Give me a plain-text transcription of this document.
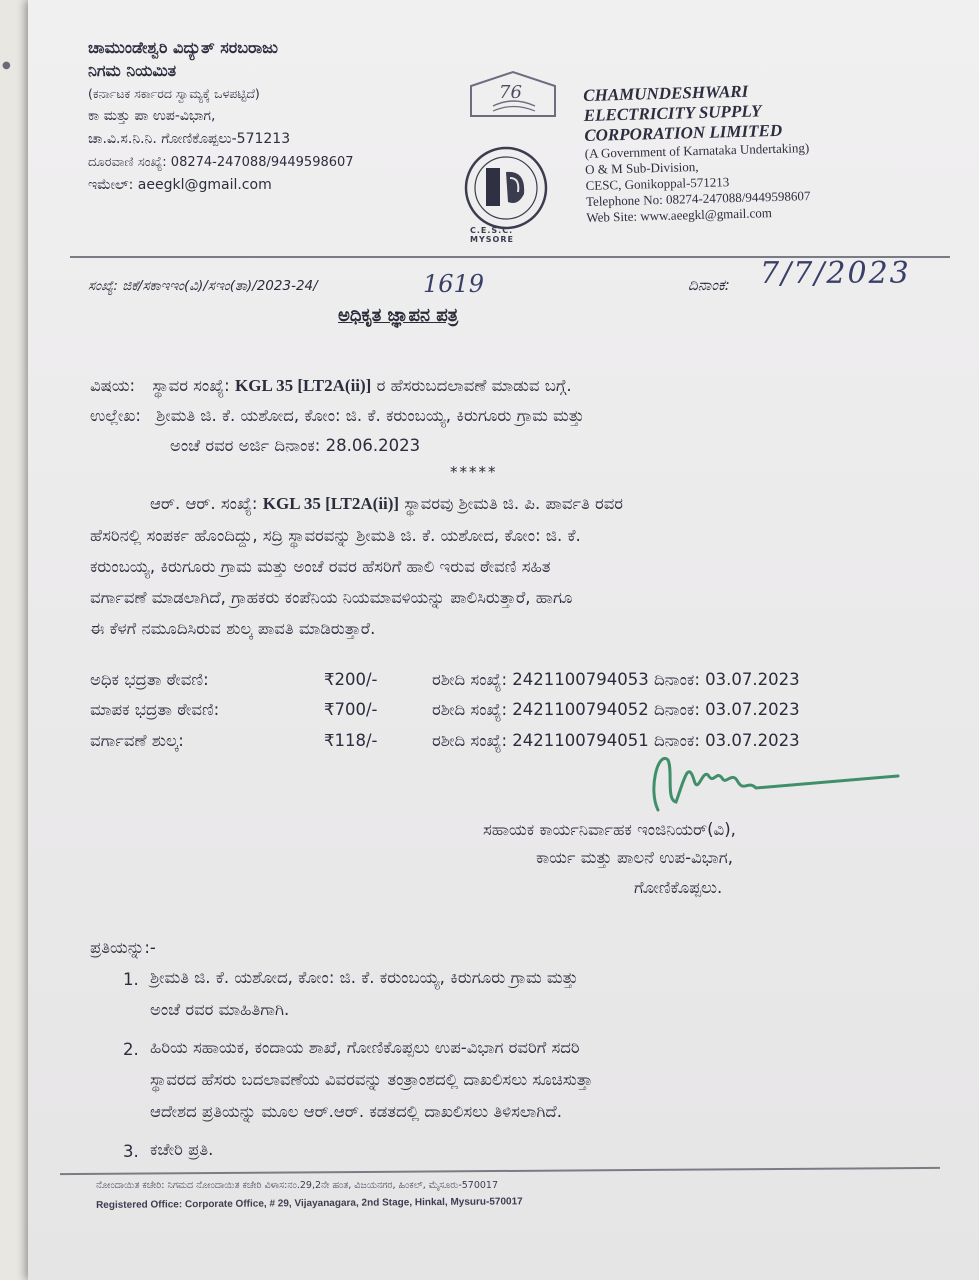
●
ಚಾಮುಂಡೇಶ್ವರಿ ವಿದ್ಯುತ್ ಸರಬರಾಜು
ನಿಗಮ ನಿಯಮಿತ
(ಕರ್ನಾಟಕ ಸರ್ಕಾರದ ಸ್ವಾಮ್ಯಕ್ಕೆ ಒಳಪಟ್ಟಿದೆ)
ಕಾ ಮತ್ತು ಪಾ ಉಪ-ವಿಭಾಗ,
ಚಾ.ವಿ.ಸ.ನಿ.ನಿ. ಗೋಣಿಕೊಪ್ಪಲು-571213
ದೂರವಾಣಿ ಸಂಖ್ಯೆ: 08274-247088/9449598607
ಇಮೇಲ್: aeegkl@gmail.com
76
C.E.S.C. MYSORE
CHAMUNDESHWARI
ELECTRICITY SUPPLY
CORPORATION LIMITED
(A Government of Karnataka Undertaking)
O & M Sub-Division,
CESC, Gonikoppal-571213
Telephone No: 08274-247088/9449598607
Web Site: www.aeegkl@gmail.com
ಸಂಖ್ಯೆ: ಜಿಕೆ/ಸಕಾಇಇಂ(ವಿ)/ಸಇಂ(ತಾ)/2023-24/	1619	ದಿನಾಂಕ: 7/7/2023
ಅಧಿಕೃತ ಜ್ಞಾಪನ ಪತ್ರ
ವಿಷಯ: ಸ್ಥಾವರ ಸಂಖ್ಯೆ: KGL 35 [LT2A(ii)] ರ ಹೆಸರುಬದಲಾವಣೆ ಮಾಡುವ ಬಗ್ಗೆ.
ಉಲ್ಲೇಖ: ಶ್ರೀಮತಿ ಜಿ. ಕೆ. ಯಶೋದ, ಕೋಂ: ಜಿ. ಕೆ. ಕರುಂಬಯ್ಯ, ಕಿರುಗೂರು ಗ್ರಾಮ ಮತ್ತು
ಅಂಚೆ ರವರ ಅರ್ಜಿ ದಿನಾಂಕ: 28.06.2023
*****
ಆರ್. ಆರ್. ಸಂಖ್ಯೆ: KGL 35 [LT2A(ii)] ಸ್ಥಾವರವು ಶ್ರೀಮತಿ ಜಿ. ಪಿ. ಪಾರ್ವತಿ ರವರ
ಹೆಸರಿನಲ್ಲಿ ಸಂಪರ್ಕ ಹೊಂದಿದ್ದು, ಸದ್ರಿ ಸ್ಥಾವರವನ್ನು ಶ್ರೀಮತಿ ಜಿ. ಕೆ. ಯಶೋದ, ಕೋಂ: ಜಿ. ಕೆ.
ಕರುಂಬಯ್ಯ, ಕಿರುಗೂರು ಗ್ರಾಮ ಮತ್ತು ಅಂಚೆ ರವರ ಹೆಸರಿಗೆ ಹಾಲಿ ಇರುವ ಠೇವಣಿ ಸಹಿತ
ವರ್ಗಾವಣೆ ಮಾಡಲಾಗಿದೆ, ಗ್ರಾಹಕರು ಕಂಪೆನಿಯ ನಿಯಮಾವಳಿಯನ್ನು ಪಾಲಿಸಿರುತ್ತಾರೆ, ಹಾಗೂ
ಈ ಕೆಳಗೆ ನಮೂದಿಸಿರುವ ಶುಲ್ಕ ಪಾವತಿ ಮಾಡಿರುತ್ತಾರೆ.
ಅಧಿಕ ಭದ್ರತಾ ಠೇವಣಿ:	₹200/-	ರಶೀದಿ ಸಂಖ್ಯೆ: 2421100794053 ದಿನಾಂಕ: 03.07.2023
ಮಾಪಕ ಭದ್ರತಾ ಠೇವಣಿ:	₹700/-	ರಶೀದಿ ಸಂಖ್ಯೆ: 2421100794052 ದಿನಾಂಕ: 03.07.2023
ವರ್ಗಾವಣೆ ಶುಲ್ಕ:	₹118/-	ರಶೀದಿ ಸಂಖ್ಯೆ: 2421100794051 ದಿನಾಂಕ: 03.07.2023
ಸಹಾಯಕ ಕಾರ್ಯನಿರ್ವಾಹಕ ಇಂಜಿನಿಯರ್(ವಿ),
ಕಾರ್ಯ ಮತ್ತು ಪಾಲನೆ ಉಪ-ವಿಭಾಗ,
ಗೋಣಿಕೊಪ್ಪಲು.
ಪ್ರತಿಯನ್ನು:-
1. ಶ್ರೀಮತಿ ಜಿ. ಕೆ. ಯಶೋದ, ಕೋಂ: ಜಿ. ಕೆ. ಕರುಂಬಯ್ಯ, ಕಿರುಗೂರು ಗ್ರಾಮ ಮತ್ತು
ಅಂಚೆ ರವರ ಮಾಹಿತಿಗಾಗಿ.
2. ಹಿರಿಯ ಸಹಾಯಕ, ಕಂದಾಯ ಶಾಖೆ, ಗೋಣಿಕೊಪ್ಪಲು ಉಪ-ವಿಭಾಗ ರವರಿಗೆ ಸದರಿ
ಸ್ಥಾವರದ ಹೆಸರು ಬದಲಾವಣೆಯ ವಿವರವನ್ನು ತಂತ್ರಾಂಶದಲ್ಲಿ ದಾಖಲಿಸಲು ಸೂಚಿಸುತ್ತಾ
ಆದೇಶದ ಪ್ರತಿಯನ್ನು ಮೂಲ ಆರ್.ಆರ್. ಕಡತದಲ್ಲಿ ದಾಖಲಿಸಲು ತಿಳಿಸಲಾಗಿದೆ.
3. ಕಚೇರಿ ಪ್ರತಿ.
ನೋಂದಾಯಿತ ಕಚೇರಿ: ನಿಗಮದ ನೋಂದಾಯಿತ ಕಚೇರಿ ವಿಳಾಸ:ನಂ.29,2ನೇ ಹಂತ, ವಿಜಯನಗರ, ಹಿಂಕಲ್, ಮೈಸೂರು-570017
Registered Office: Corporate Office, # 29, Vijayanagara, 2nd Stage, Hinkal, Mysuru-570017
